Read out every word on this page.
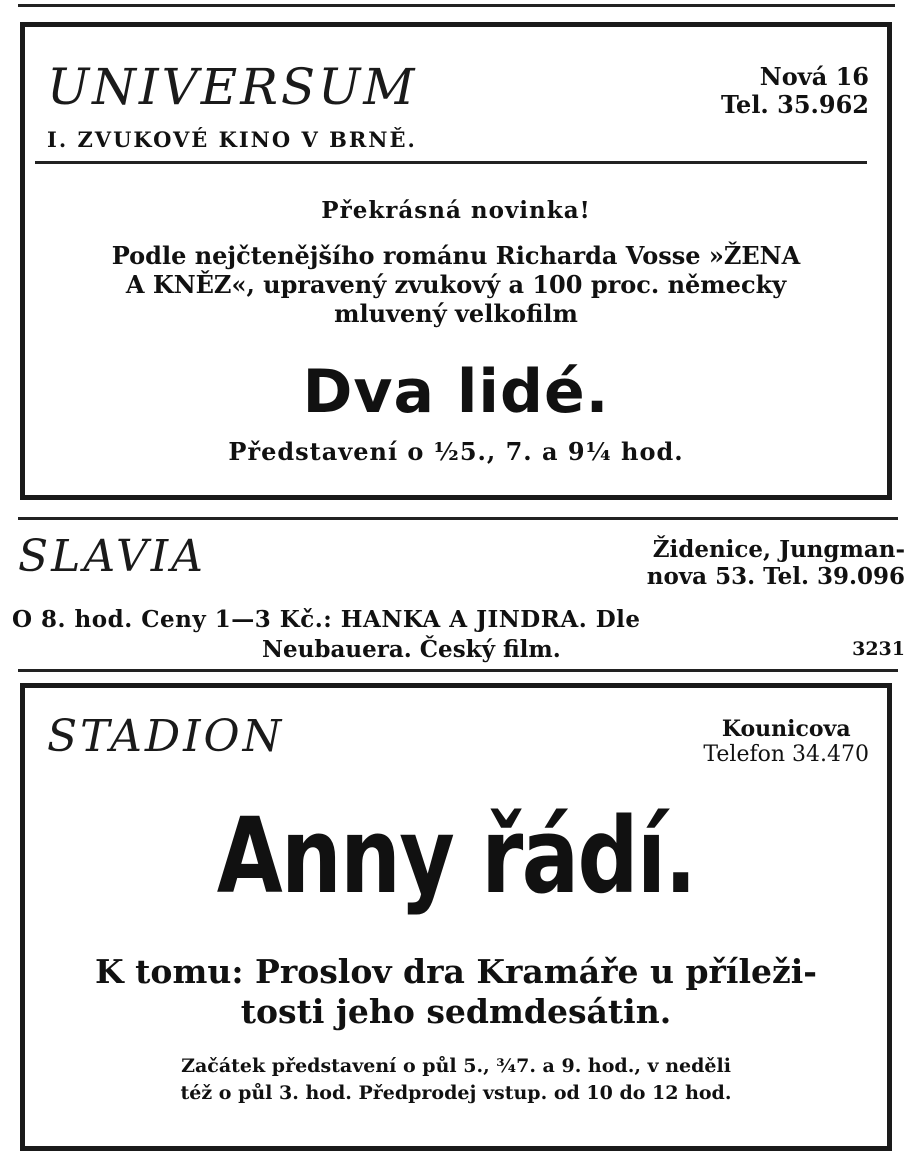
UNIVERSUM	Nová 16
Tel. 35.962
I. ZVUKOVÉ KINO V BRNĚ.
Překrásná novinka!
Podle nejčtenějšího románu Richarda Vosse »ŽENA
A KNĚZ«, upravený zvukový a 100 proc. německy
mluvený velkofilm
Dva lidé.
Představení o ½5., 7. a 9¼ hod.
SLAVIA	Židenice, Jungman-
nova 53. Tel. 39.096
O 8. hod. Ceny 1—3 Kč.: HANKA A JINDRA. Dle
Neubauera. Český film.	3231
STADION	Kounicova
Telefon 34.470
Anny řádí.
K tomu: Proslov dra Kramáře u příleži-
tosti jeho sedmdesátin.
Začátek představení o půl 5., ¾7. a 9. hod., v neděli
též o půl 3. hod. Předprodej vstup. od 10 do 12 hod.
